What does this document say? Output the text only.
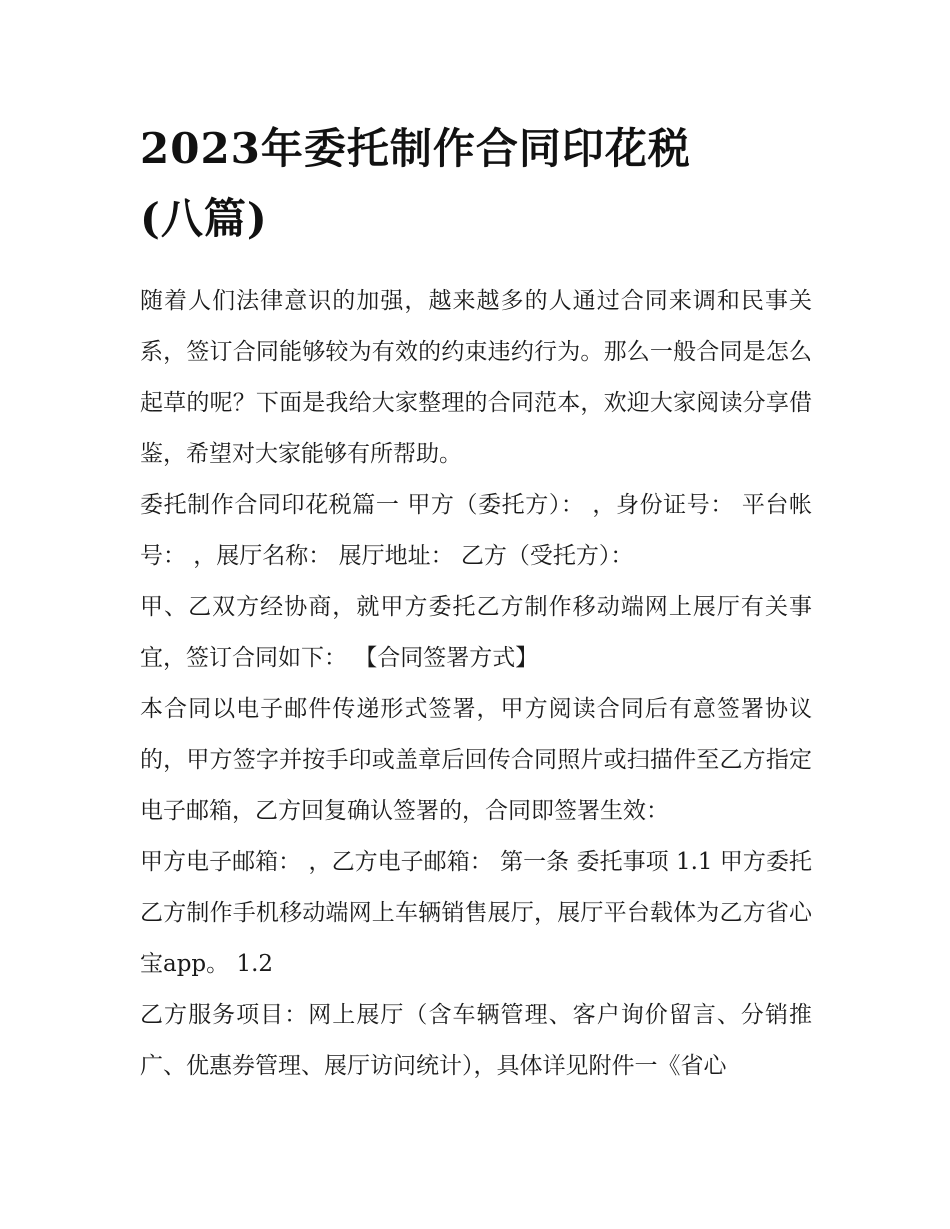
2023年委托制作合同印花税
(八篇)

随着人们法律意识的加强，越来越多的人通过合同来调和民事关系，签订合同能够较为有效的约束违约行为。那么一般合同是怎么起草的呢？下面是我给大家整理的合同范本，欢迎大家阅读分享借鉴，希望对大家能够有所帮助。

委托制作合同印花税篇一 甲方（委托方）： ，身份证号： 平台帐号： ，展厅名称： 展厅地址： 乙方（受托方）：

甲、乙双方经协商，就甲方委托乙方制作移动端网上展厅有关事宜，签订合同如下： 【合同签署方式】

本合同以电子邮件传递形式签署，甲方阅读合同后有意签署协议的，甲方签字并按手印或盖章后回传合同照片或扫描件至乙方指定电子邮箱，乙方回复确认签署的，合同即签署生效：

甲方电子邮箱： ，乙方电子邮箱： 第一条 委托事项 1.1 甲方委托乙方制作手机移动端网上车辆销售展厅，展厅平台载体为乙方省心宝app。 1.2

乙方服务项目：网上展厅（含车辆管理、客户询价留言、分销推广、优惠券管理、展厅访问统计），具体详见附件一《省心
